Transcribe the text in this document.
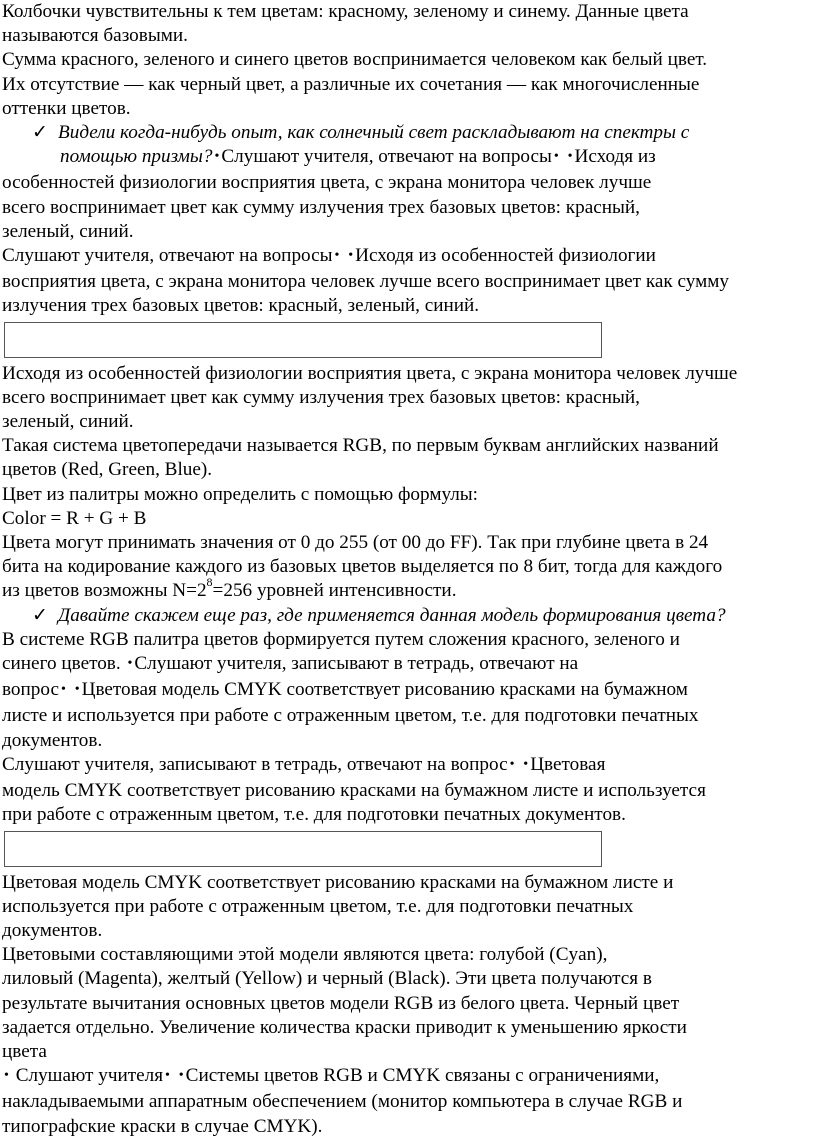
Колбочки чувствительны к тем цветам: красному, зеленому и синему. Данные цвета
называются базовыми.
Сумма красного, зеленого и синего цветов воспринимается человеком как белый цвет.
Их отсутствие — как черный цвет, а различные их сочетания — как многочисленные
оттенки цветов.
✓ Видели когда-нибудь опыт, как солнечный свет раскладывают на спектры с
помощью призмы? • Слушают учителя, отвечают на вопросы • • Исходя из
особенностей физиологии восприятия цвета, с экрана монитора человек лучше
всего воспринимает цвет как сумму излучения трех базовых цветов: красный,
зеленый, синий.
Слушают учителя, отвечают на вопросы • • Исходя из особенностей физиологии
восприятия цвета, с экрана монитора человек лучше всего воспринимает цвет как сумму
излучения трех базовых цветов: красный, зеленый, синий.
Исходя из особенностей физиологии восприятия цвета, с экрана монитора человек лучше
всего воспринимает цвет как сумму излучения трех базовых цветов: красный,
зеленый, синий.
Такая система цветопередачи называется RGB, по первым буквам английских названий
цветов (Red, Green, Blue).
Цвет из палитры можно определить с помощью формулы:
Color = R + G + B
Цвета могут принимать значения от 0 до 255 (от 00 до FF). Так при глубине цвета в 24
бита на кодирование каждого из базовых цветов выделяется по 8 бит, тогда для каждого
из цветов возможны $N=2^8=256$ уровней интенсивности.
✓ Давайте скажем еще раз, где применяется данная модель формирования цвета?
В системе RGB палитра цветов формируется путем сложения красного, зеленого и
синего цветов. • Слушают учителя, записывают в тетрадь, отвечают на
вопрос • • Цветовая модель CMYK соответствует рисованию красками на бумажном
листе и используется при работе с отраженным цветом, т.е. для подготовки печатных
документов.
Слушают учителя, записывают в тетрадь, отвечают на вопрос • • Цветовая
модель CMYK соответствует рисованию красками на бумажном листе и используется
при работе с отраженным цветом, т.е. для подготовки печатных документов.
Цветовая модель CMYK соответствует рисованию красками на бумажном листе и
используется при работе с отраженным цветом, т.е. для подготовки печатных
документов.
Цветовыми составляющими этой модели являются цвета: голубой (Cyan),
лиловый (Magenta), желтый (Yellow) и черный (Black). Эти цвета получаются в
результате вычитания основных цветов модели RGB из белого цвета. Черный цвет
задается отдельно. Увеличение количества краски приводит к уменьшению яркости
цвета
• Слушают учителя • • Системы цветов RGB и CMYK связаны с ограничениями,
накладываемыми аппаратным обеспечением (монитор компьютера в случае RGB и
типографские краски в случае CMYK).
